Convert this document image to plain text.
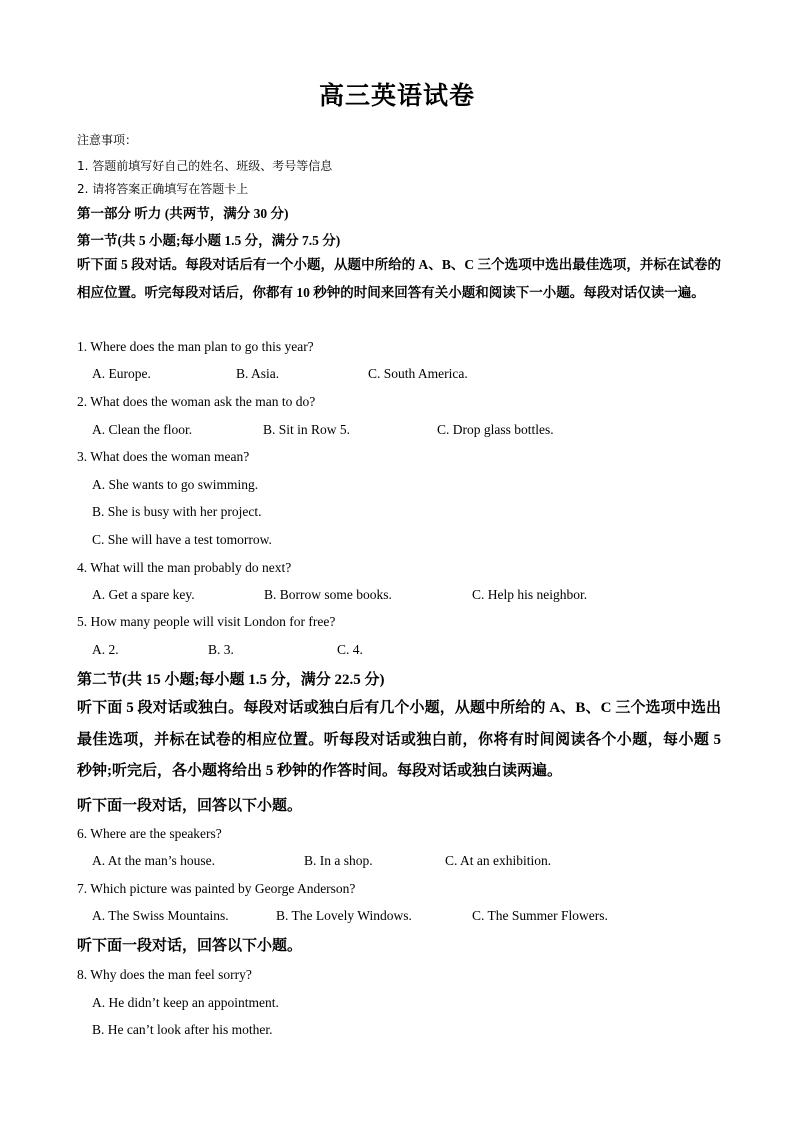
高三英语试卷
注意事项：
1. 答题前填写好自己的姓名、班级、考号等信息
2. 请将答案正确填写在答题卡上
第一部分 听力 (共两节，满分 30 分)
第一节(共 5 小题;每小题 1.5 分，满分 7.5 分)
听下面 5 段对话。每段对话后有一个小题，从题中所给的 A、B、C 三个选项中选出最佳选项，并标在试卷的相应位置。听完每段对话后，你都有 10 秒钟的时间来回答有关小题和阅读下一小题。每段对话仅读一遍。
1. Where does the man plan to go this year?
A. Europe.	B. Asia.	C. South America.
2. What does the woman ask the man to do?
A. Clean the floor.	B. Sit in Row 5.	C. Drop glass bottles.
3. What does the woman mean?
A. She wants to go swimming.
B. She is busy with her project.
C. She will have a test tomorrow.
4. What will the man probably do next?
A. Get a spare key.	B. Borrow some books.	C. Help his neighbor.
5. How many people will visit London for free?
A. 2.	B. 3.	C. 4.
第二节(共 15 小题;每小题 1.5 分，满分 22.5 分)
听下面 5 段对话或独白。每段对话或独白后有几个小题，从题中所给的 A、B、C 三个选项中选出最佳选项，并标在试卷的相应位置。听每段对话或独白前，你将有时间阅读各个小题，每小题 5 秒钟;听完后，各小题将给出 5 秒钟的作答时间。每段对话或独白读两遍。
听下面一段对话，回答以下小题。
6. Where are the speakers?
A. At the man’s house.	B. In a shop.	C. At an exhibition.
7. Which picture was painted by George Anderson?
A. The Swiss Mountains.	B. The Lovely Windows.	C. The Summer Flowers.
听下面一段对话，回答以下小题。
8. Why does the man feel sorry?
A. He didn’t keep an appointment.
B. He can’t look after his mother.
